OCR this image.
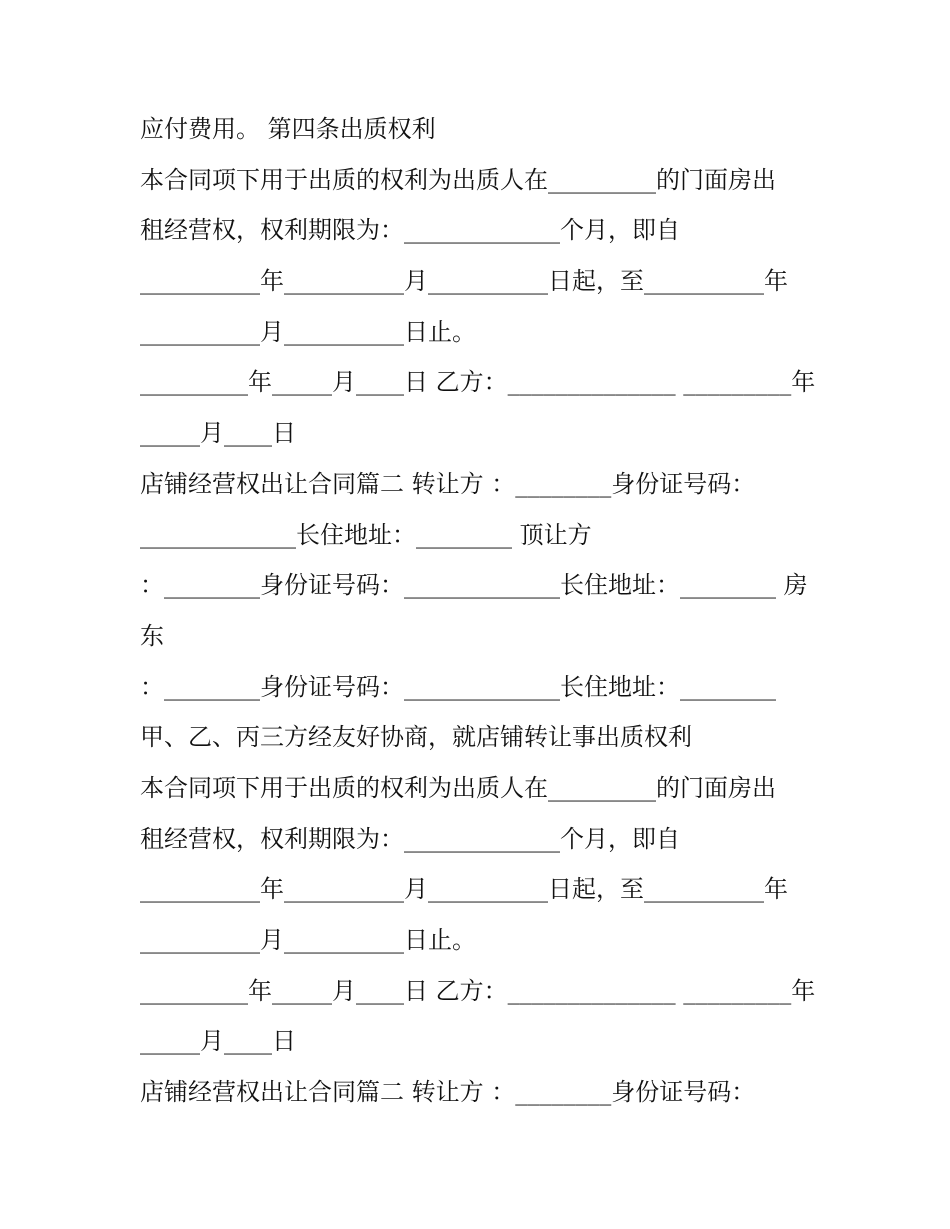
应付费用。 第四条出质权利
本合同项下用于出质的权利为出质人在_________的门面房出
租经营权，权利期限为：_____________个月，即自
__________年__________月__________日起，至__________年
__________月__________日止。
_________年_____月____日 乙方：______________ _________年
_____月____日
店铺经营权出让合同篇二 转让方 ：________身份证号码：
_____________长住地址：________ 顶让方
：________身份证号码：_____________长住地址：________ 房
东
：________身份证号码：_____________长住地址：________
甲、乙、丙三方经友好协商，就店铺转让事出质权利
本合同项下用于出质的权利为出质人在_________的门面房出
租经营权，权利期限为：_____________个月，即自
__________年__________月__________日起，至__________年
__________月__________日止。
_________年_____月____日 乙方：______________ _________年
_____月____日
店铺经营权出让合同篇二 转让方 ：________身份证号码：
